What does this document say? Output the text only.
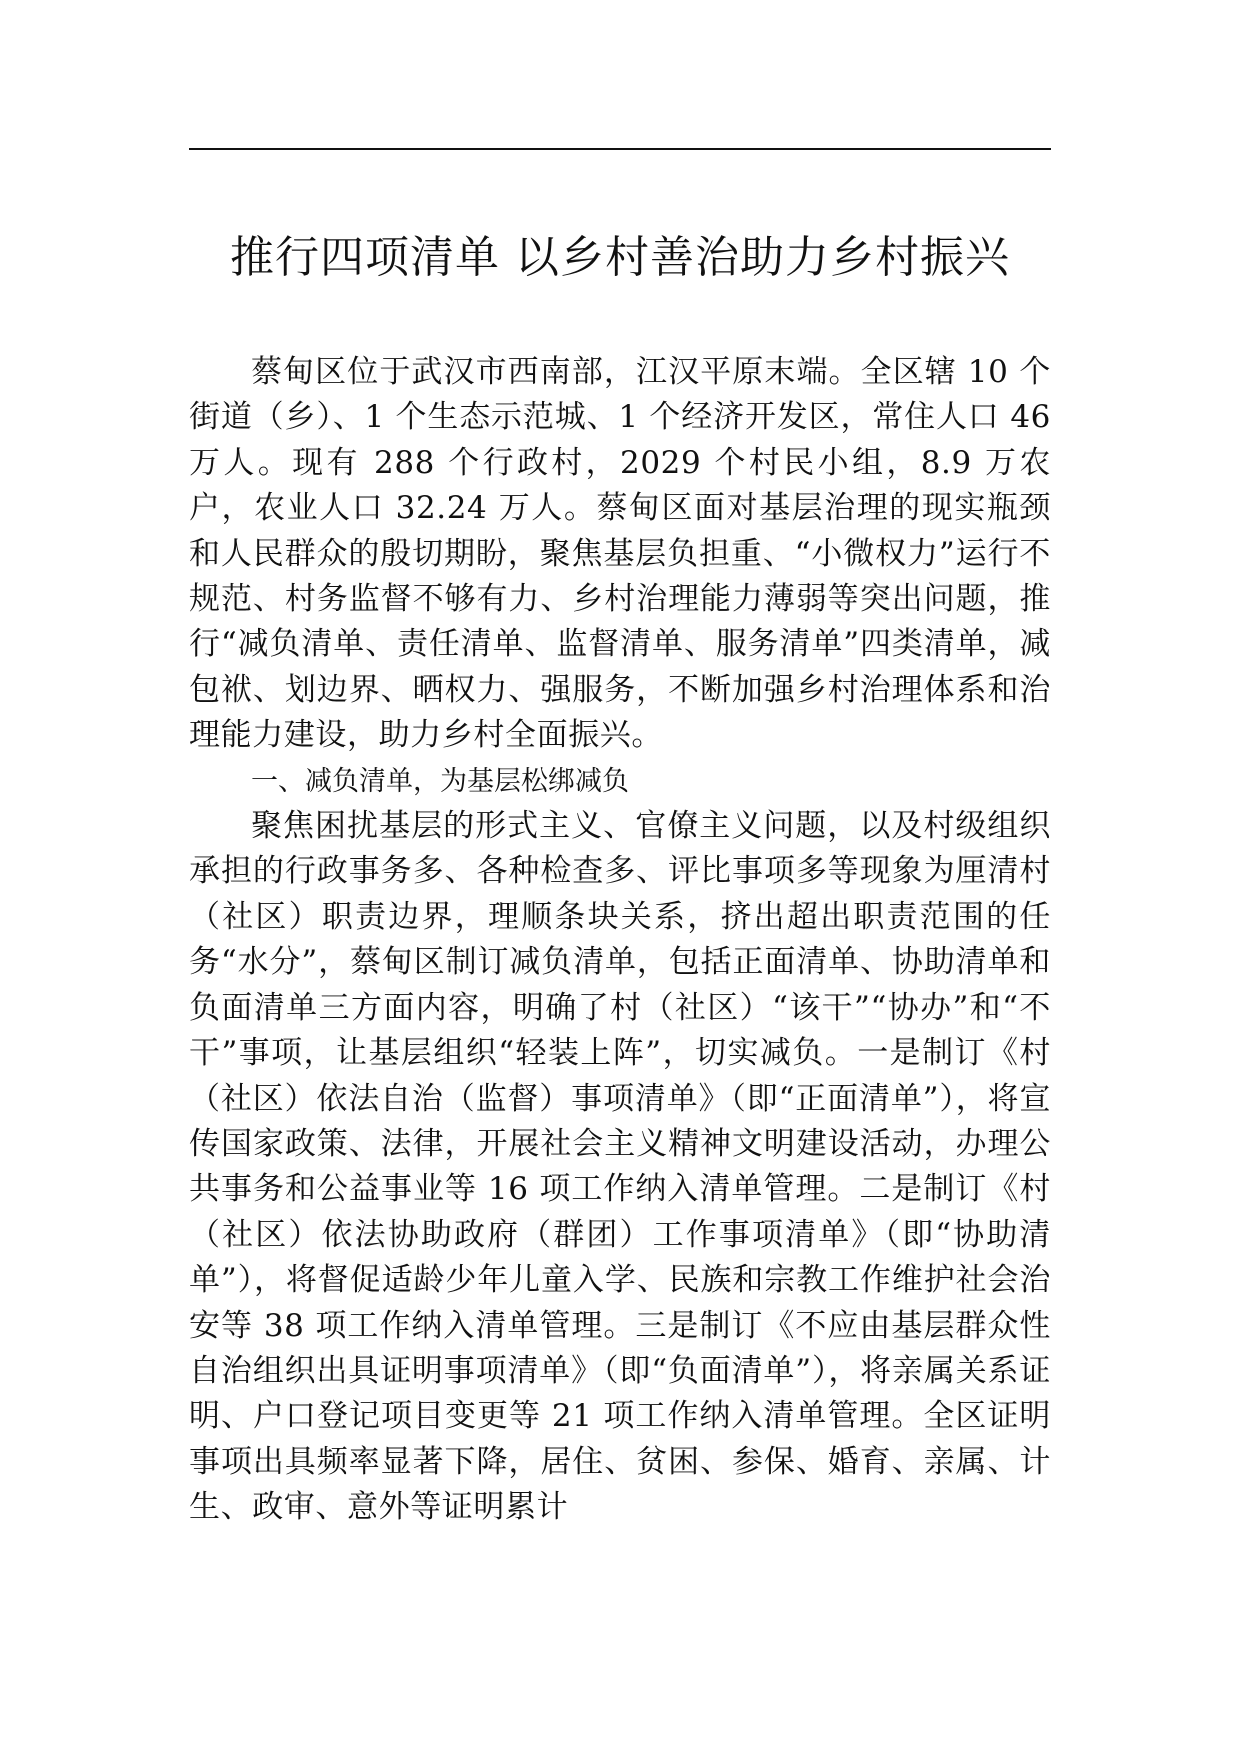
推行四项清单 以乡村善治助力乡村振兴

蔡甸区位于武汉市西南部，江汉平原末端。全区辖 10 个街道（乡）、1 个生态示范城、1 个经济开发区，常住人口 46 万人。现有 288 个行政村，2029 个村民小组，8.9 万农户，农业人口 32.24 万人。蔡甸区面对基层治理的现实瓶颈和人民群众的殷切期盼，聚焦基层负担重、“小微权力”运行不规范、村务监督不够有力、乡村治理能力薄弱等突出问题，推行“减负清单、责任清单、监督清单、服务清单”四类清单，减包袱、划边界、晒权力、强服务，不断加强乡村治理体系和治理能力建设，助力乡村全面振兴。

一、减负清单，为基层松绑减负

聚焦困扰基层的形式主义、官僚主义问题，以及村级组织承担的行政事务多、各种检查多、评比事项多等现象为厘清村（社区）职责边界，理顺条块关系，挤出超出职责范围的任务“水分”，蔡甸区制订减负清单，包括正面清单、协助清单和负面清单三方面内容，明确了村（社区）“该干”“协办”和“不干”事项，让基层组织“轻装上阵”，切实减负。一是制订《村（社区）依法自治（监督）事项清单》（即“正面清单”），将宣传国家政策、法律，开展社会主义精神文明建设活动，办理公共事务和公益事业等 16 项工作纳入清单管理。二是制订《村（社区）依法协助政府（群团）工作事项清单》（即“协助清单”），将督促适龄少年儿童入学、民族和宗教工作维护社会治安等 38 项工作纳入清单管理。三是制订《不应由基层群众性自治组织出具证明事项清单》（即“负面清单”），将亲属关系证明、户口登记项目变更等 21 项工作纳入清单管理。全区证明事项出具频率显著下降，居住、贫困、参保、婚育、亲属、计生、政审、意外等证明累计
